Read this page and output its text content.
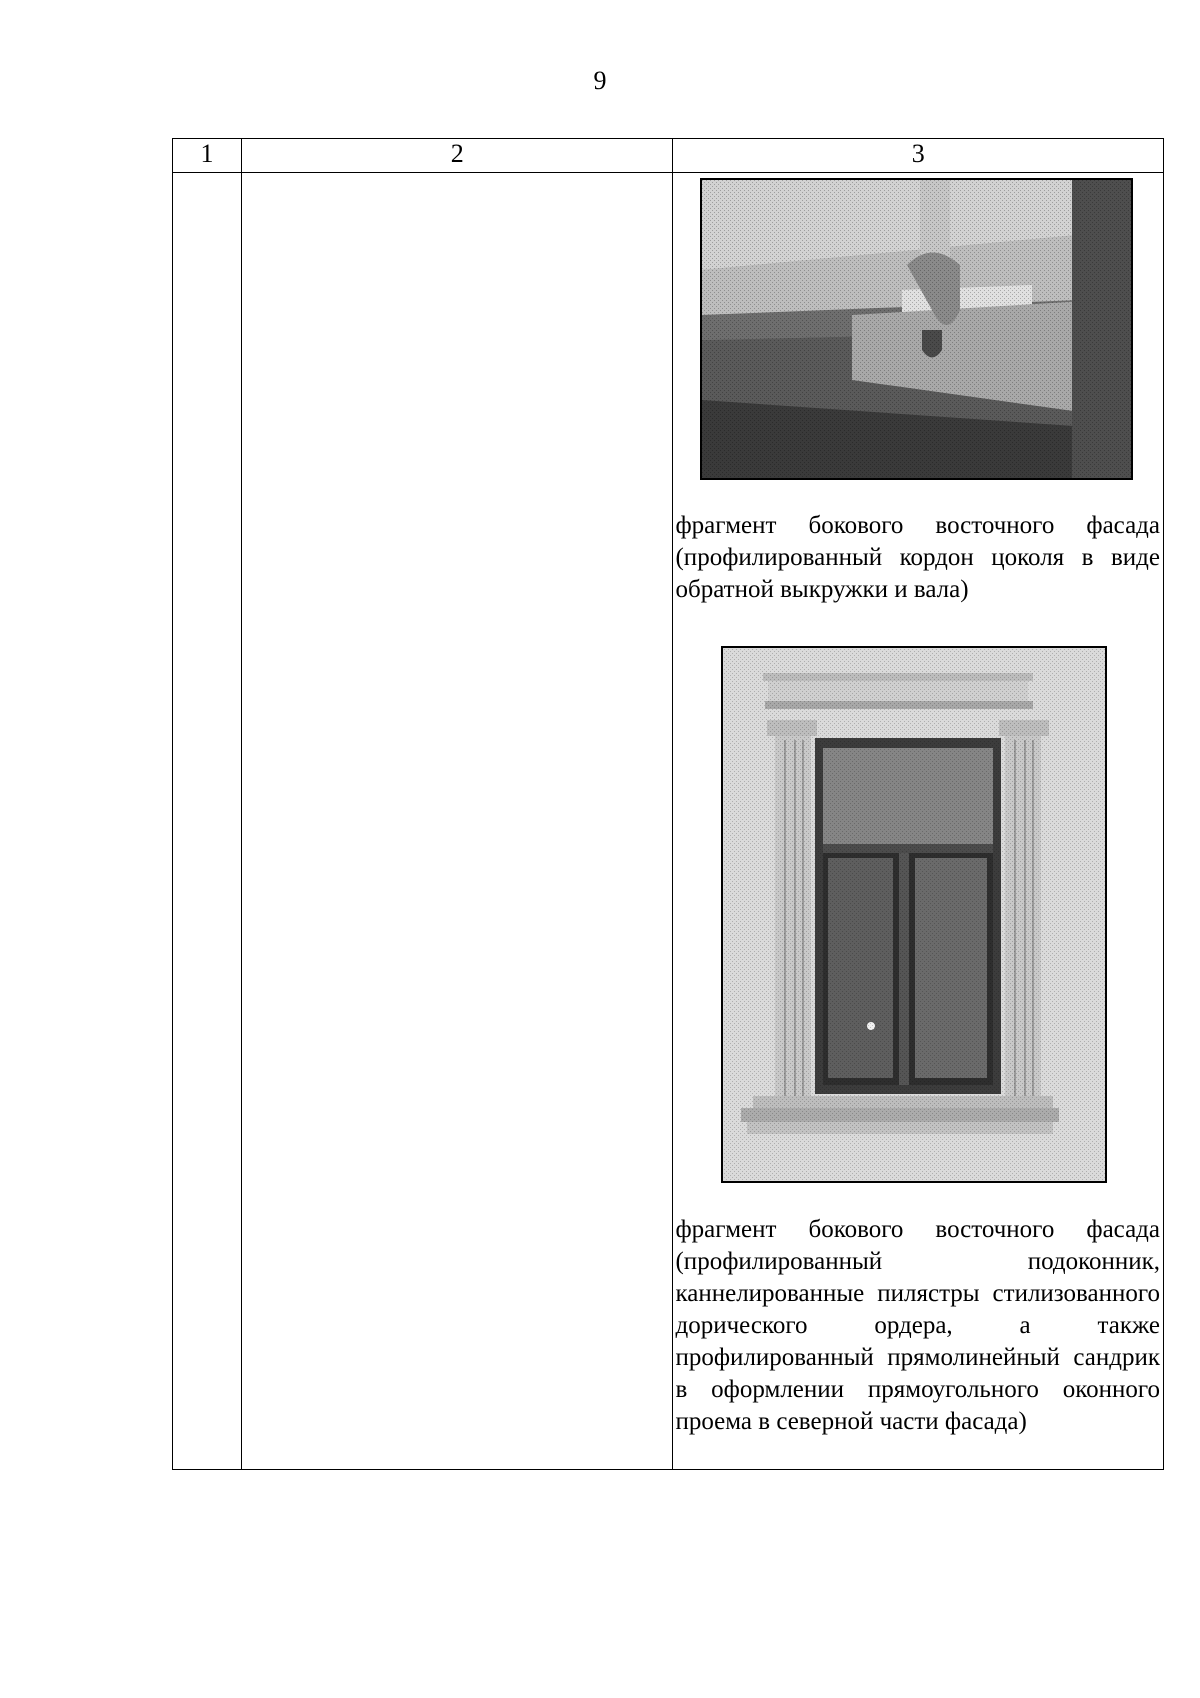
9
1	2	3

		фрагмент бокового восточного фасада (профилированный кордон цоколя в виде обратной выкружки и вала)
фрагмент бокового восточного фасада (профилированный подоконник, каннелированные пилястры стилизованного дорического ордера, а также профилированный прямолинейный сандрик в оформлении прямоугольного оконного проема в северной части фасада)
